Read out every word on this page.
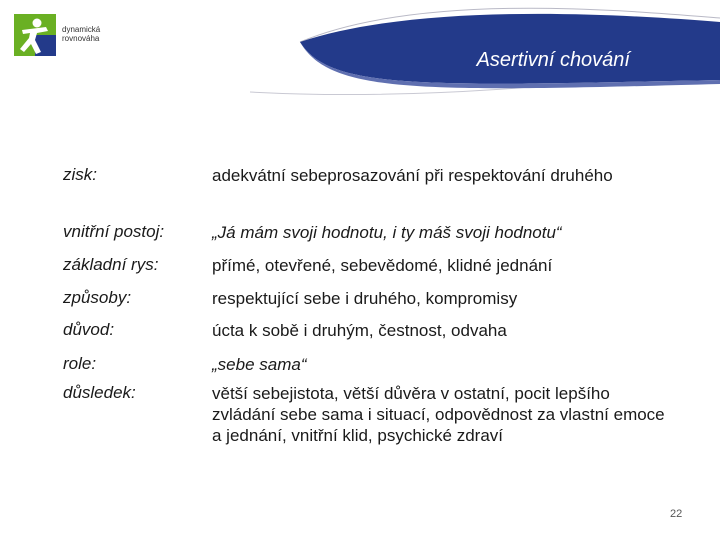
dynamická
rovnováha
Asertivní chování
zisk:	adekvátní sebeprosazování při respektování druhého
vnitřní postoj:	„Já mám svoji hodnotu, i ty máš svoji hodnotu“
základní rys:	přímé, otevřené, sebevědomé, klidné jednání
způsoby:	respektující sebe i druhého, kompromisy
důvod:	úcta k sobě i druhým, čestnost, odvaha
role:	„sebe sama“
důsledek:	větší sebejistota, větší důvěra v ostatní, pocit lepšího zvládání sebe sama i situací, odpovědnost za vlastní emoce a jednání, vnitřní klid, psychické zdraví
22
